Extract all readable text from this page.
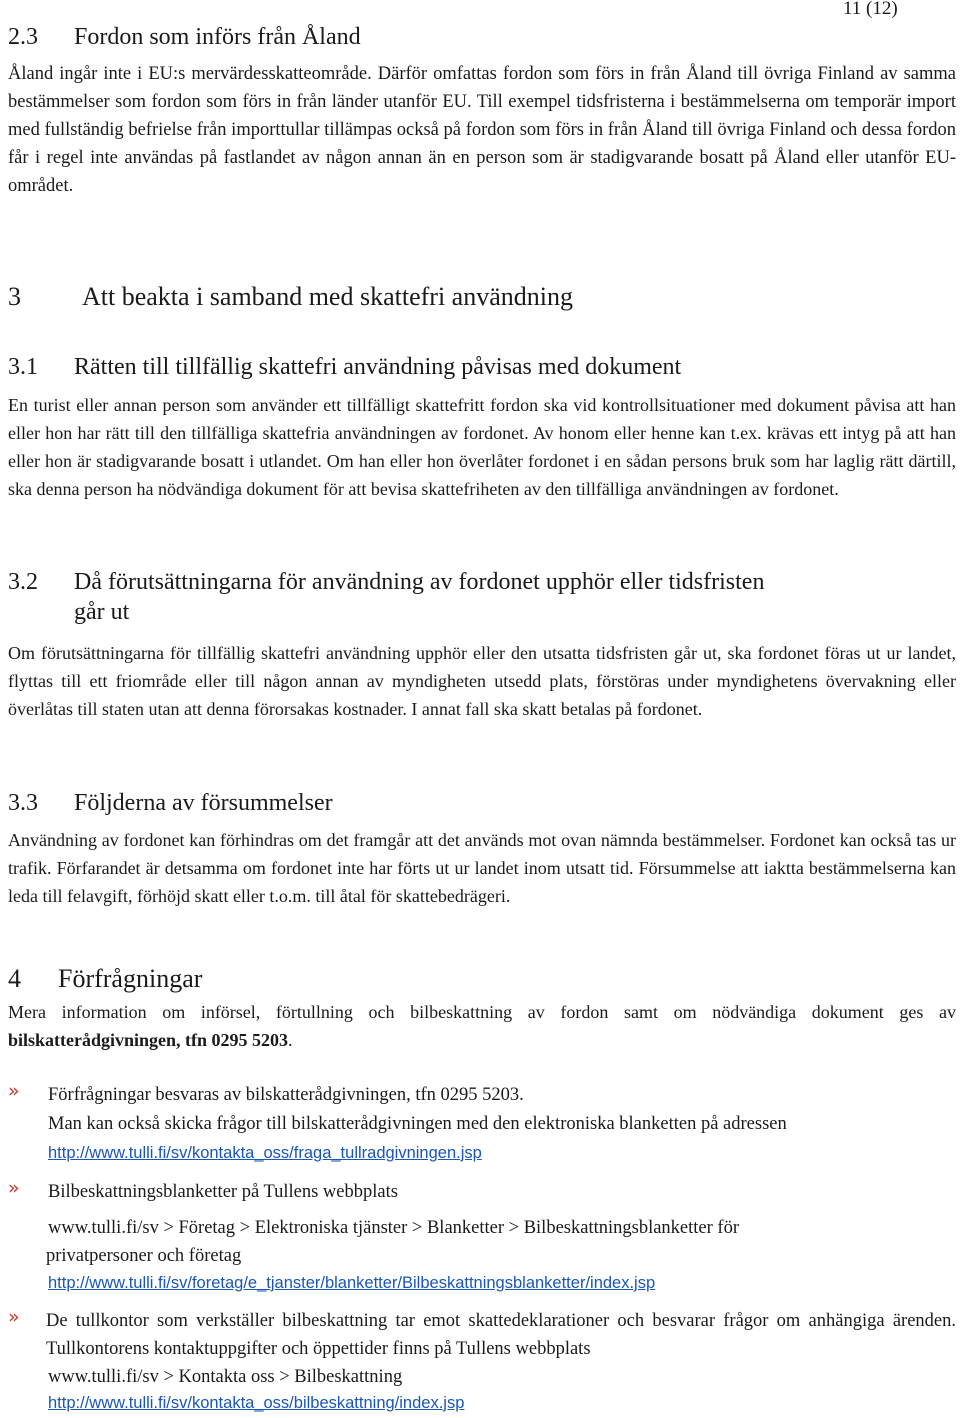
11 (12)
2.3 Fordon som införs från Åland

Åland ingår inte i EU:s mervärdesskatteområde. Därför omfattas fordon som förs in från Åland till övriga Finland av samma bestämmelser som fordon som förs in från länder utanför EU. Till exempel tidsfristerna i bestämmelserna om temporär import med fullständig befrielse från importtullar tillämpas också på fordon som förs in från Åland till övriga Finland och dessa fordon får i regel inte användas på fastlandet av någon annan än en person som är stadigvarande bosatt på Åland eller utanför EU-området.

3 Att beakta i samband med skattefri användning
3.1 Rätten till tillfällig skattefri användning påvisas med dokument

En turist eller annan person som använder ett tillfälligt skattefritt fordon ska vid kontrollsituationer med dokument påvisa att han eller hon har rätt till den tillfälliga skattefria användningen av fordonet. Av honom eller henne kan t.ex. krävas ett intyg på att han eller hon är stadigvarande bosatt i utlandet. Om han eller hon överlåter fordonet i en sådan persons bruk som har laglig rätt därtill, ska denna person ha nödvändiga dokument för att bevisa skattefriheten av den tillfälliga användningen av fordonet.

3.2 Då förutsättningarna för användning av fordonet upphör eller tidsfristen
går ut

Om förutsättningarna för tillfällig skattefri användning upphör eller den utsatta tidsfristen går ut, ska fordonet föras ut ur landet, flyttas till ett friområde eller till någon annan av myndigheten utsedd plats, förstöras under myndighetens övervakning eller överlåtas till staten utan att denna förorsakas kostnader. I annat fall ska skatt betalas på fordonet.

3.3 Följderna av försummelser

Användning av fordonet kan förhindras om det framgår att det används mot ovan nämnda bestämmelser. Fordonet kan också tas ur trafik. Förfarandet är detsamma om fordonet inte har förts ut ur landet inom utsatt tid. Försummelse att iaktta bestämmelserna kan leda till felavgift, förhöjd skatt eller t.o.m. till åtal för skattebedrägeri.

4 Förfrågningar

Mera information om införsel, förtullning och bilbeskattning av fordon samt om nödvändiga dokument ges av bilskatterådgivningen, tfn 0295 5203.

» Förfrågningar besvaras av bilskatterådgivningen, tfn 0295 5203.

Man kan också skicka frågor till bilskatterådgivningen med den elektroniska blanketten på adressen

http://www.tulli.fi/sv/kontakta_oss/fraga_tullradgivningen.jsp
» Bilbeskattningsblanketter på Tullens webbplats

www.tulli.fi/sv > Företag > Elektroniska tjänster > Blanketter > Bilbeskattningsblanketter för

privatpersoner och företag

http://www.tulli.fi/sv/foretag/e_tjanster/blanketter/Bilbeskattningsblanketter/index.jsp
» De tullkontor som verkställer bilbeskattning tar emot skattedeklarationer och besvarar frågor om anhängiga ärenden. Tullkontorens kontaktuppgifter och öppettider finns på Tullens webbplats

www.tulli.fi/sv > Kontakta oss > Bilbeskattning

http://www.tulli.fi/sv/kontakta_oss/bilbeskattning/index.jsp
